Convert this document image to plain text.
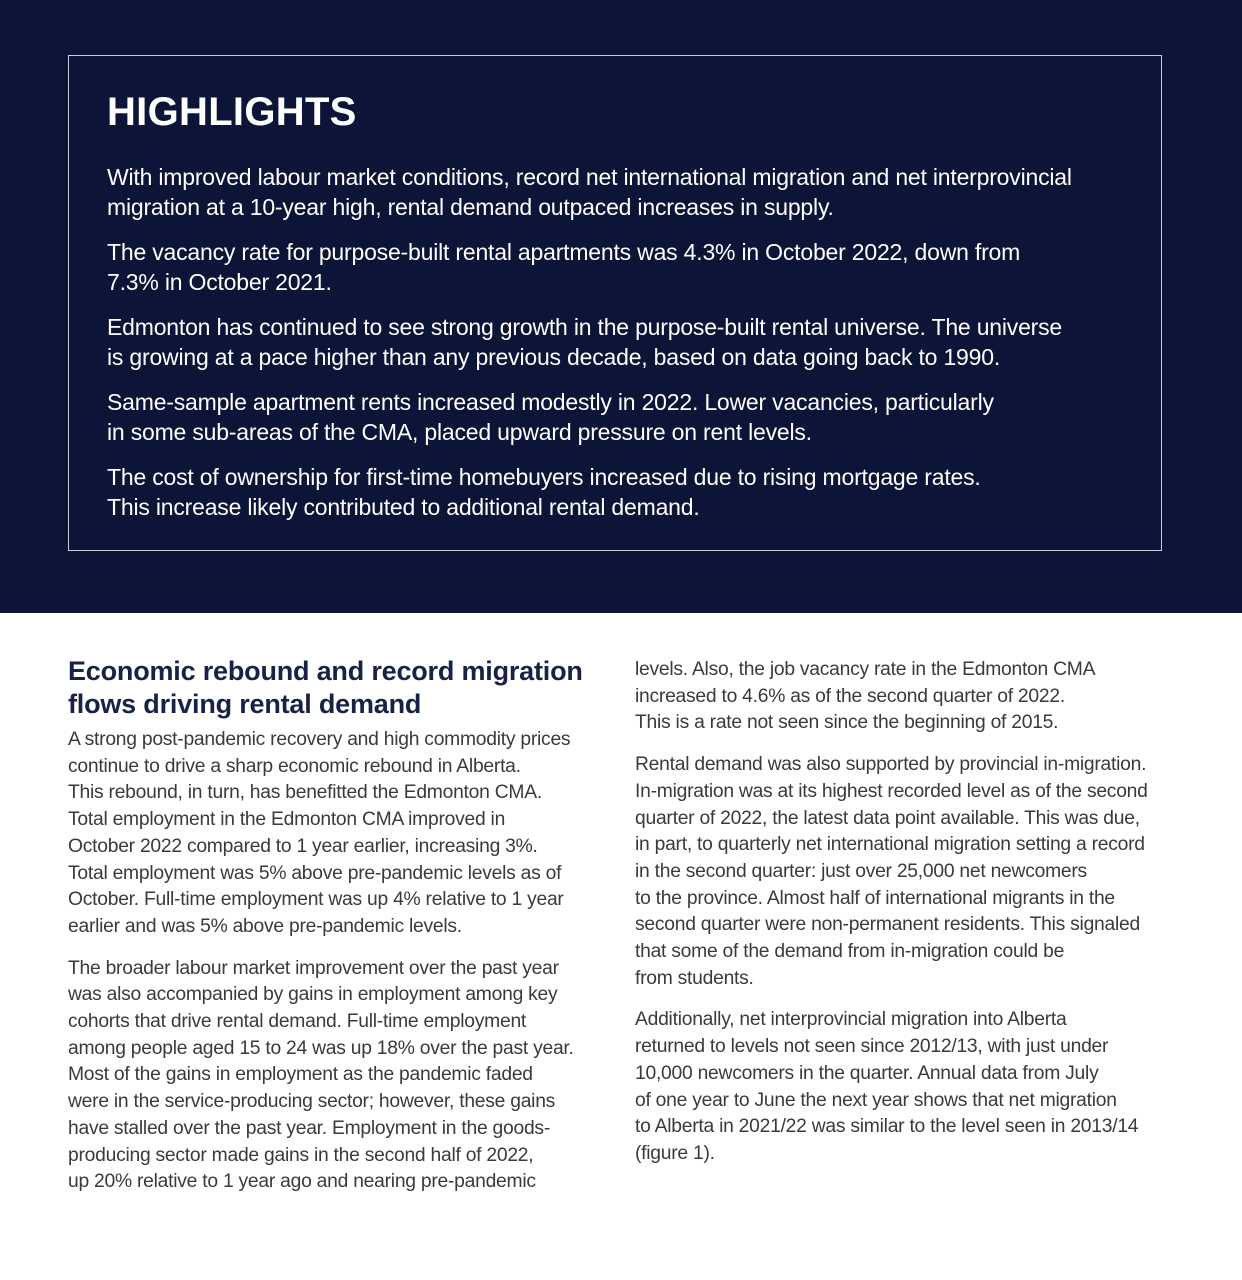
HIGHLIGHTS
With improved labour market conditions, record net international migration and net interprovincial
migration at a 10-year high, rental demand outpaced increases in supply.
The vacancy rate for purpose-built rental apartments was 4.3% in October 2022, down from
7.3% in October 2021.
Edmonton has continued to see strong growth in the purpose-built rental universe. The universe
is growing at a pace higher than any previous decade, based on data going back to 1990.
Same-sample apartment rents increased modestly in 2022. Lower vacancies, particularly
in some sub-areas of the CMA, placed upward pressure on rent levels.
The cost of ownership for first-time homebuyers increased due to rising mortgage rates.
This increase likely contributed to additional rental demand.
Economic rebound and record migration
flows driving rental demand

A strong post-pandemic recovery and high commodity prices
continue to drive a sharp economic rebound in Alberta.
This rebound, in turn, has benefitted the Edmonton CMA.
Total employment in the Edmonton CMA improved in
October 2022 compared to 1 year earlier, increasing 3%.
Total employment was 5% above pre-pandemic levels as of
October. Full-time employment was up 4% relative to 1 year
earlier and was 5% above pre-pandemic levels.

The broader labour market improvement over the past year
was also accompanied by gains in employment among key
cohorts that drive rental demand. Full-time employment
among people aged 15 to 24 was up 18% over the past year.
Most of the gains in employment as the pandemic faded
were in the service-producing sector; however, these gains
have stalled over the past year. Employment in the goods-
producing sector made gains in the second half of 2022,
up 20% relative to 1 year ago and nearing pre-pandemic

levels. Also, the job vacancy rate in the Edmonton CMA
increased to 4.6% as of the second quarter of 2022.
This is a rate not seen since the beginning of 2015.

Rental demand was also supported by provincial in-migration.
In-migration was at its highest recorded level as of the second
quarter of 2022, the latest data point available. This was due,
in part, to quarterly net international migration setting a record
in the second quarter: just over 25,000 net newcomers
to the province. Almost half of international migrants in the
second quarter were non-permanent residents. This signaled
that some of the demand from in-migration could be
from students.

Additionally, net interprovincial migration into Alberta
returned to levels not seen since 2012/13, with just under
10,000 newcomers in the quarter. Annual data from July
of one year to June the next year shows that net migration
to Alberta in 2021/22 was similar to the level seen in 2013/14
(figure 1).
